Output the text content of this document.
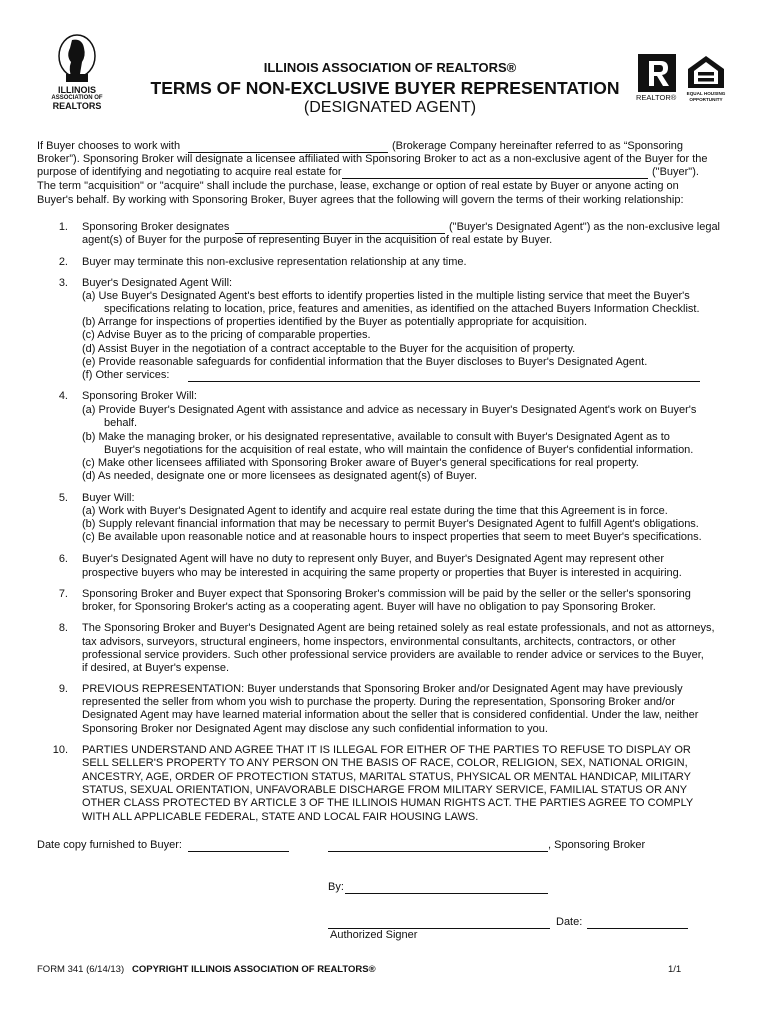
ILLINOIS
ASSOCIATION OF
REALTORS
ILLINOIS ASSOCIATION OF REALTORS®
TERMS OF NON-EXCLUSIVE BUYER REPRESENTATION
(DESIGNATED AGENT)
REALTOR®	EQUAL HOUSING
OPPORTUNITY
If Buyer chooses to work with	(Brokerage Company hereinafter referred to as “Sponsoring
Broker”). Sponsoring Broker will designate a licensee affiliated with Sponsoring Broker to act as a non-exclusive agent of the Buyer for the
purpose of identifying and negotiating to acquire real estate for	("Buyer").
The term "acquisition" or "acquire" shall include the purchase, lease, exchange or option of real estate by Buyer or anyone acting on
Buyer's behalf. By working with Sponsoring Broker, Buyer agrees that the following will govern the terms of their working relationship:
1. Sponsoring Broker designates	("Buyer's Designated Agent") as the non-exclusive legal
agent(s) of Buyer for the purpose of representing Buyer in the acquisition of real estate by Buyer.
2. Buyer may terminate this non-exclusive representation relationship at any time.
3. Buyer's Designated Agent Will:
(a) Use Buyer's Designated Agent's best efforts to identify properties listed in the multiple listing service that meet the Buyer's
specifications relating to location, price, features and amenities, as identified on the attached Buyers Information Checklist.
(b) Arrange for inspections of properties identified by the Buyer as potentially appropriate for acquisition.
(c) Advise Buyer as to the pricing of comparable properties.
(d) Assist Buyer in the negotiation of a contract acceptable to the Buyer for the acquisition of property.
(e) Provide reasonable safeguards for confidential information that the Buyer discloses to Buyer's Designated Agent.
(f) Other services:
4. Sponsoring Broker Will:
(a) Provide Buyer's Designated Agent with assistance and advice as necessary in Buyer's Designated Agent's work on Buyer's
behalf.
(b) Make the managing broker, or his designated representative, available to consult with Buyer's Designated Agent as to
Buyer's negotiations for the acquisition of real estate, who will maintain the confidence of Buyer's confidential information.
(c) Make other licensees affiliated with Sponsoring Broker aware of Buyer's general specifications for real property.
(d) As needed, designate one or more licensees as designated agent(s) of Buyer.
5. Buyer Will:
(a) Work with Buyer's Designated Agent to identify and acquire real estate during the time that this Agreement is in force.
(b) Supply relevant financial information that may be necessary to permit Buyer's Designated Agent to fulfill Agent's obligations.
(c) Be available upon reasonable notice and at reasonable hours to inspect properties that seem to meet Buyer's specifications.
6. Buyer's Designated Agent will have no duty to represent only Buyer, and Buyer's Designated Agent may represent other
prospective buyers who may be interested in acquiring the same property or properties that Buyer is interested in acquiring.
7. Sponsoring Broker and Buyer expect that Sponsoring Broker's commission will be paid by the seller or the seller's sponsoring
broker, for Sponsoring Broker's acting as a cooperating agent. Buyer will have no obligation to pay Sponsoring Broker.
8. The Sponsoring Broker and Buyer's Designated Agent are being retained solely as real estate professionals, and not as attorneys,
tax advisors, surveyors, structural engineers, home inspectors, environmental consultants, architects, contractors, or other
professional service providers. Such other professional service providers are available to render advice or services to the Buyer,
if desired, at Buyer's expense.
9. PREVIOUS REPRESENTATION: Buyer understands that Sponsoring Broker and/or Designated Agent may have previously
represented the seller from whom you wish to purchase the property. During the representation, Sponsoring Broker and/or
Designated Agent may have learned material information about the seller that is considered confidential. Under the law, neither
Sponsoring Broker nor Designated Agent may disclose any such confidential information to you.
10. PARTIES UNDERSTAND AND AGREE THAT IT IS ILLEGAL FOR EITHER OF THE PARTIES TO REFUSE TO DISPLAY OR
SELL SELLER'S PROPERTY TO ANY PERSON ON THE BASIS OF RACE, COLOR, RELIGION, SEX, NATIONAL ORIGIN,
ANCESTRY, AGE, ORDER OF PROTECTION STATUS, MARITAL STATUS, PHYSICAL OR MENTAL HANDICAP, MILITARY
STATUS, SEXUAL ORIENTATION, UNFAVORABLE DISCHARGE FROM MILITARY SERVICE, FAMILIAL STATUS OR ANY
OTHER CLASS PROTECTED BY ARTICLE 3 OF THE ILLINOIS HUMAN RIGHTS ACT. THE PARTIES AGREE TO COMPLY
WITH ALL APPLICABLE FEDERAL, STATE AND LOCAL FAIR HOUSING LAWS.
Date copy furnished to Buyer:	, Sponsoring Broker
By:
Date:
Authorized Signer
FORM 341 (6/14/13) COPYRIGHT ILLINOIS ASSOCIATION OF REALTORS®	1/1
